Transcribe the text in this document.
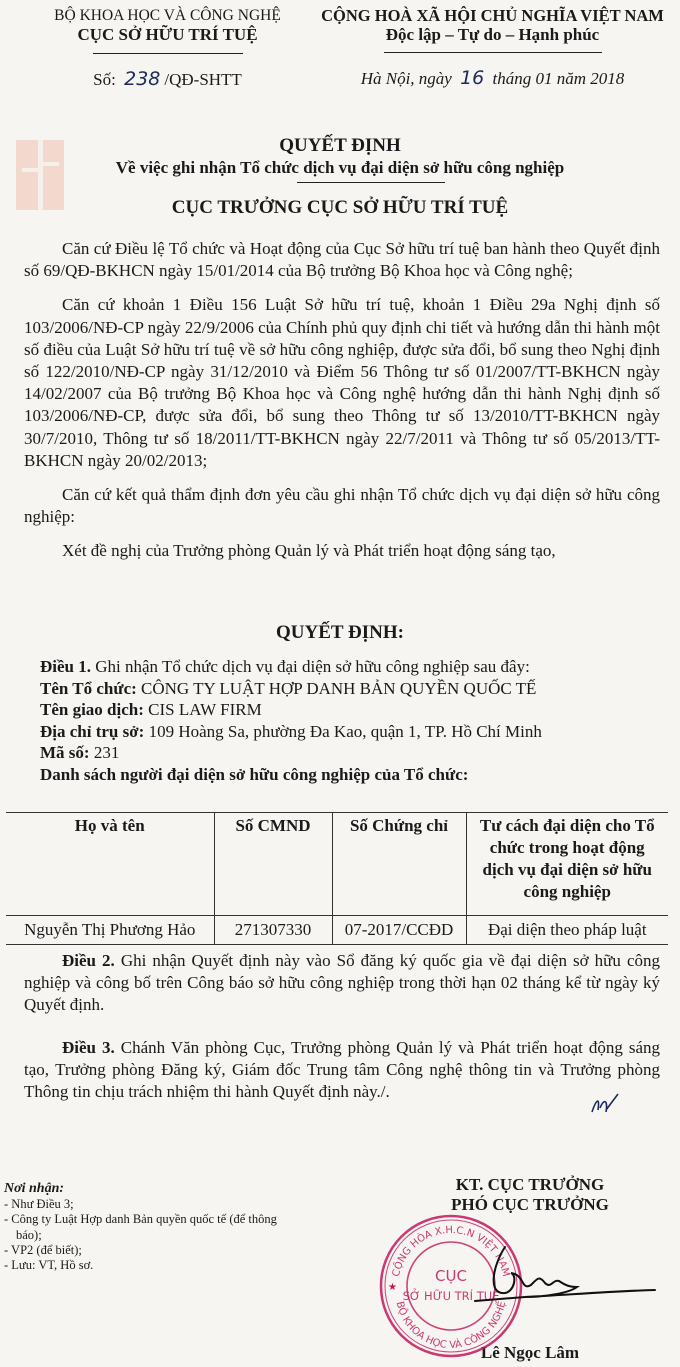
BỘ KHOA HỌC VÀ CÔNG NGHỆ
CỤC SỞ HỮU TRÍ TUỆ
Số: 238 /QĐ-SHTT
CỘNG HOÀ XÃ HỘI CHỦ NGHĨA VIỆT NAM
Độc lập – Tự do – Hạnh phúc
Hà Nội, ngày 16 tháng 01 năm 2018
QUYẾT ĐỊNH
Về việc ghi nhận Tổ chức dịch vụ đại diện sở hữu công nghiệp
CỤC TRƯỞNG CỤC SỞ HỮU TRÍ TUỆ

Căn cứ Điều lệ Tổ chức và Hoạt động của Cục Sở hữu trí tuệ ban hành theo Quyết định số 69/QĐ-BKHCN ngày 15/01/2014 của Bộ trưởng Bộ Khoa học và Công nghệ;

Căn cứ khoản 1 Điều 156 Luật Sở hữu trí tuệ, khoản 1 Điều 29a Nghị định số 103/2006/NĐ-CP ngày 22/9/2006 của Chính phủ quy định chi tiết và hướng dẫn thi hành một số điều của Luật Sở hữu trí tuệ về sở hữu công nghiệp, được sửa đổi, bổ sung theo Nghị định số 122/2010/NĐ-CP ngày 31/12/2010 và Điểm 56 Thông tư số 01/2007/TT-BKHCN ngày 14/02/2007 của Bộ trưởng Bộ Khoa học và Công nghệ hướng dẫn thi hành Nghị định số 103/2006/NĐ-CP, được sửa đổi, bổ sung theo Thông tư số 13/2010/TT-BKHCN ngày 30/7/2010, Thông tư số 18/2011/TT-BKHCN ngày 22/7/2011 và Thông tư số 05/2013/TT-BKHCN ngày 20/02/2013;

Căn cứ kết quả thẩm định đơn yêu cầu ghi nhận Tổ chức dịch vụ đại diện sở hữu công nghiệp:

Xét đề nghị của Trưởng phòng Quản lý và Phát triển hoạt động sáng tạo,

QUYẾT ĐỊNH:
Điều 1. Ghi nhận Tổ chức dịch vụ đại diện sở hữu công nghiệp sau đây:
Tên Tổ chức: CÔNG TY LUẬT HỢP DANH BẢN QUYỀN QUỐC TẾ
Tên giao dịch: CIS LAW FIRM
Địa chỉ trụ sở: 109 Hoàng Sa, phường Đa Kao, quận 1, TP. Hồ Chí Minh
Mã số: 231
Danh sách người đại diện sở hữu công nghiệp của Tổ chức:
Họ và tên	Số CMND	Số Chứng chỉ	Tư cách đại diện cho Tổ chức trong hoạt động dịch vụ đại diện sở hữu công nghiệp
Nguyễn Thị Phương Hảo	271307330	07-2017/CCĐD	Đại diện theo pháp luật

Điều 2. Ghi nhận Quyết định này vào Sổ đăng ký quốc gia về đại diện sở hữu công nghiệp và công bố trên Công báo sở hữu công nghiệp trong thời hạn 02 tháng kể từ ngày ký Quyết định.

Điều 3. Chánh Văn phòng Cục, Trưởng phòng Quản lý và Phát triển hoạt động sáng tạo, Trưởng phòng Đăng ký, Giám đốc Trung tâm Công nghệ thông tin và Trưởng phòng Thông tin chịu trách nhiệm thi hành Quyết định này./.

Nơi nhận:
- Như Điều 3;
- Công ty Luật Hợp danh Bản quyền quốc tế (để thông
báo);
- VP2 (để biết);
- Lưu: VT, Hồ sơ.
KT. CỤC TRƯỞNG
PHÓ CỤC TRƯỞNG
Lê Ngọc Lâm
CỘNG HÒA X.H.C.N VIỆT NAM
BỘ KHOA HỌC VÀ CÔNG NGHỆ
★
CỤC
SỞ HỮU TRÍ TUỆ
